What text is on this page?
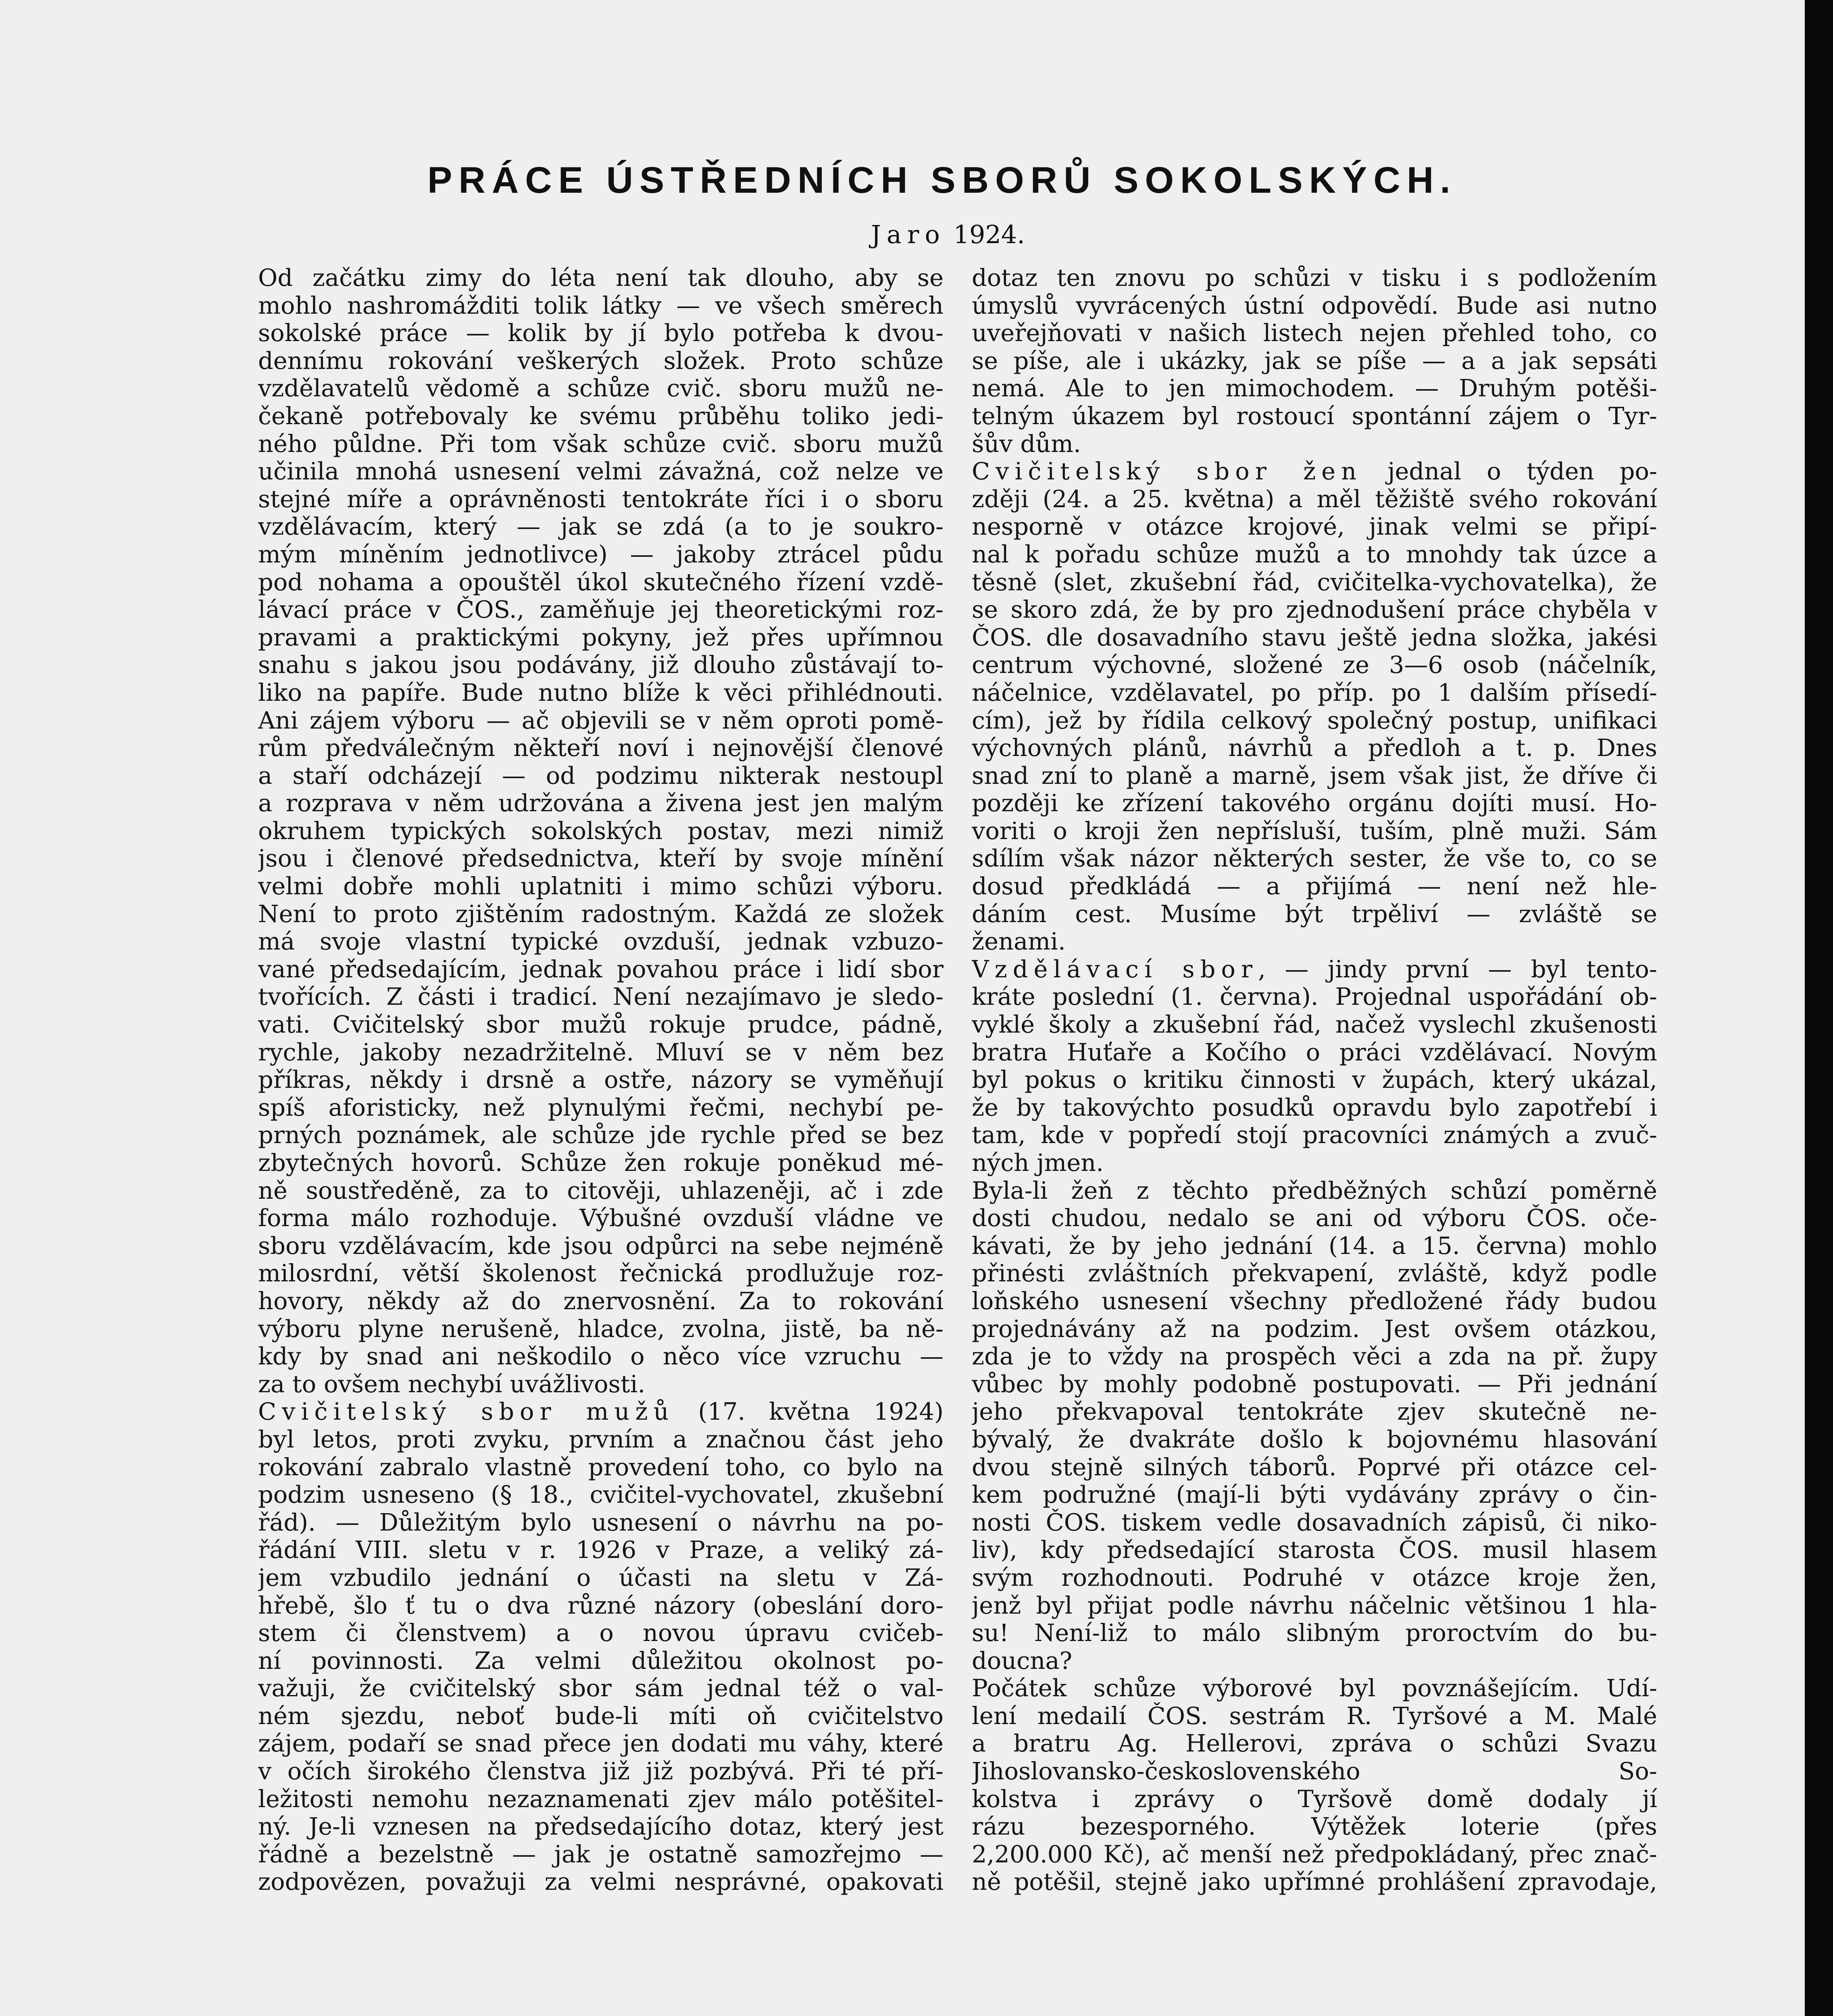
PRÁCE ÚSTŘEDNÍCH SBORŮ SOKOLSKÝCH.
Jaro 1924.
Od začátku zimy do léta není tak dlouho, aby se
mohlo nashromážditi tolik látky — ve všech směrech
sokolské práce — kolik by jí bylo potřeba k dvou-
dennímu rokování veškerých složek. Proto schůze
vzdělavatelů vědomě a schůze cvič. sboru mužů ne-
čekaně potřebovaly ke svému průběhu toliko jedi-
ného půldne. Při tom však schůze cvič. sboru mužů
učinila mnohá usnesení velmi závažná, což nelze ve
stejné míře a oprávněnosti tentokráte říci i o sboru
vzdělávacím, který — jak se zdá (a to je soukro-
mým míněním jednotlivce) — jakoby ztrácel půdu
pod nohama a opouštěl úkol skutečného řízení vzdě-
lávací práce v ČOS., zaměňuje jej theoretickými roz-
pravami a praktickými pokyny, jež přes upřímnou
snahu s jakou jsou podávány, již dlouho zůstávají to-
liko na papíře. Bude nutno blíže k věci přihlédnouti.
Ani zájem výboru — ač objevili se v něm oproti pomě-
rům předválečným někteří noví i nejnovější členové
a staří odcházejí — od podzimu nikterak nestoupl
a rozprava v něm udržována a živena jest jen malým
okruhem typických sokolských postav, mezi nimiž
jsou i členové předsednictva, kteří by svoje mínění
velmi dobře mohli uplatniti i mimo schůzi výboru.
Není to proto zjištěním radostným. Každá ze složek
má svoje vlastní typické ovzduší, jednak vzbuzo-
vané předsedajícím, jednak povahou práce i lidí sbor
tvořících. Z části i tradicí. Není nezajímavo je sledo-
vati. Cvičitelský sbor mužů rokuje prudce, pádně,
rychle, jakoby nezadržitelně. Mluví se v něm bez
příkras, někdy i drsně a ostře, názory se vyměňují
spíš aforisticky, než plynulými řečmi, nechybí pe-
prných poznámek, ale schůze jde rychle před se bez
zbytečných hovorů. Schůze žen rokuje poněkud mé-
ně soustředěně, za to citověji, uhlazeněji, ač i zde
forma málo rozhoduje. Výbušné ovzduší vládne ve
sboru vzdělávacím, kde jsou odpůrci na sebe nejméně
milosrdní, větší školenost řečnická prodlužuje roz-
hovory, někdy až do znervosnění. Za to rokování
výboru plyne nerušeně, hladce, zvolna, jistě, ba ně-
kdy by snad ani neškodilo o něco více vzruchu —
za to ovšem nechybí uvážlivosti.
Cvičitelský sbor mužů (17. května 1924)
byl letos, proti zvyku, prvním a značnou část jeho
rokování zabralo vlastně provedení toho, co bylo na
podzim usneseno (§ 18., cvičitel-vychovatel, zkušební
řád). — Důležitým bylo usnesení o návrhu na po-
řádání VIII. sletu v r. 1926 v Praze, a veliký zá-
jem vzbudilo jednání o účasti na sletu v Zá-
hřebě, šlo ť tu o dva různé názory (obeslání doro-
stem či členstvem) a o novou úpravu cvičeb-
ní povinnosti. Za velmi důležitou okolnost po-
važuji, že cvičitelský sbor sám jednal též o val-
ném sjezdu, neboť bude-li míti oň cvičitelstvo
zájem, podaří se snad přece jen dodati mu váhy, které
v očích širokého členstva již již pozbývá. Při té pří-
ležitosti nemohu nezaznamenati zjev málo potěšitel-
ný. Je-li vznesen na předsedajícího dotaz, který jest
řádně a bezelstně — jak je ostatně samozřejmo —
zodpovězen, považuji za velmi nesprávné, opakovati
dotaz ten znovu po schůzi v tisku i s podložením
úmyslů vyvrácených ústní odpovědí. Bude asi nutno
uveřejňovati v našich listech nejen přehled toho, co
se píše, ale i ukázky, jak se píše — a a jak sepsáti
nemá. Ale to jen mimochodem. — Druhým potěši-
telným úkazem byl rostoucí spontánní zájem o Tyr-
šův dům.
Cvičitelský sbor žen jednal o týden po-
zději (24. a 25. května) a měl těžiště svého rokování
nesporně v otázce krojové, jinak velmi se připí-
nal k pořadu schůze mužů a to mnohdy tak úzce a
těsně (slet, zkušební řád, cvičitelka-vychovatelka), že
se skoro zdá, že by pro zjednodušení práce chyběla v
ČOS. dle dosavadního stavu ještě jedna složka, jakési
centrum výchovné, složené ze 3—6 osob (náčelník,
náčelnice, vzdělavatel, po příp. po 1 dalším přísedí-
cím), jež by řídila celkový společný postup, unifikaci
výchovných plánů, návrhů a předloh a t. p. Dnes
snad zní to planě a marně, jsem však jist, že dříve či
později ke zřízení takového orgánu dojíti musí. Ho-
voriti o kroji žen nepřísluší, tuším, plně muži. Sám
sdílím však názor některých sester, že vše to, co se
dosud předkládá — a přijímá — není než hle-
dáním cest. Musíme být trpěliví — zvláště se
ženami.
Vzdělávací sbor, — jindy první — byl tento-
kráte poslední (1. června). Projednal uspořádání ob-
vyklé školy a zkušební řád, načež vyslechl zkušenosti
bratra Huťaře a Kočího o práci vzdělávací. Novým
byl pokus o kritiku činnosti v župách, který ukázal,
že by takovýchto posudků opravdu bylo zapotřebí i
tam, kde v popředí stojí pracovníci známých a zvuč-
ných jmen.
Byla-li žeň z těchto předběžných schůzí poměrně
dosti chudou, nedalo se ani od výboru ČOS. oče-
kávati, že by jeho jednání (14. a 15. června) mohlo
přinésti zvláštních překvapení, zvláště, když podle
loňského usnesení všechny předložené řády budou
projednávány až na podzim. Jest ovšem otázkou,
zda je to vždy na prospěch věci a zda na př. župy
vůbec by mohly podobně postupovati. — Při jednání
jeho překvapoval tentokráte zjev skutečně ne-
bývalý, že dvakráte došlo k bojovnému hlasování
dvou stejně silných táborů. Poprvé při otázce cel-
kem podružné (mají-li býti vydávány zprávy o čin-
nosti ČOS. tiskem vedle dosavadních zápisů, či niko-
liv), kdy předsedající starosta ČOS. musil hlasem
svým rozhodnouti. Podruhé v otázce kroje žen,
jenž byl přijat podle návrhu náčelnic většinou 1 hla-
su! Není-liž to málo slibným proroctvím do bu-
doucna?
Počátek schůze výborové byl povznášejícím. Udí-
lení medailí ČOS. sestrám R. Tyršové a M. Malé
a bratru Ag. Hellerovi, zpráva o schůzi Svazu
Jihoslovansko-československého So-
kolstva i zprávy o Tyršově domě dodaly jí
rázu bezesporného. Výtěžek loterie (přes
2,200.000 Kč), ač menší než předpokládaný, přec znač-
ně potěšil, stejně jako upřímné prohlášení zpravodaje,
